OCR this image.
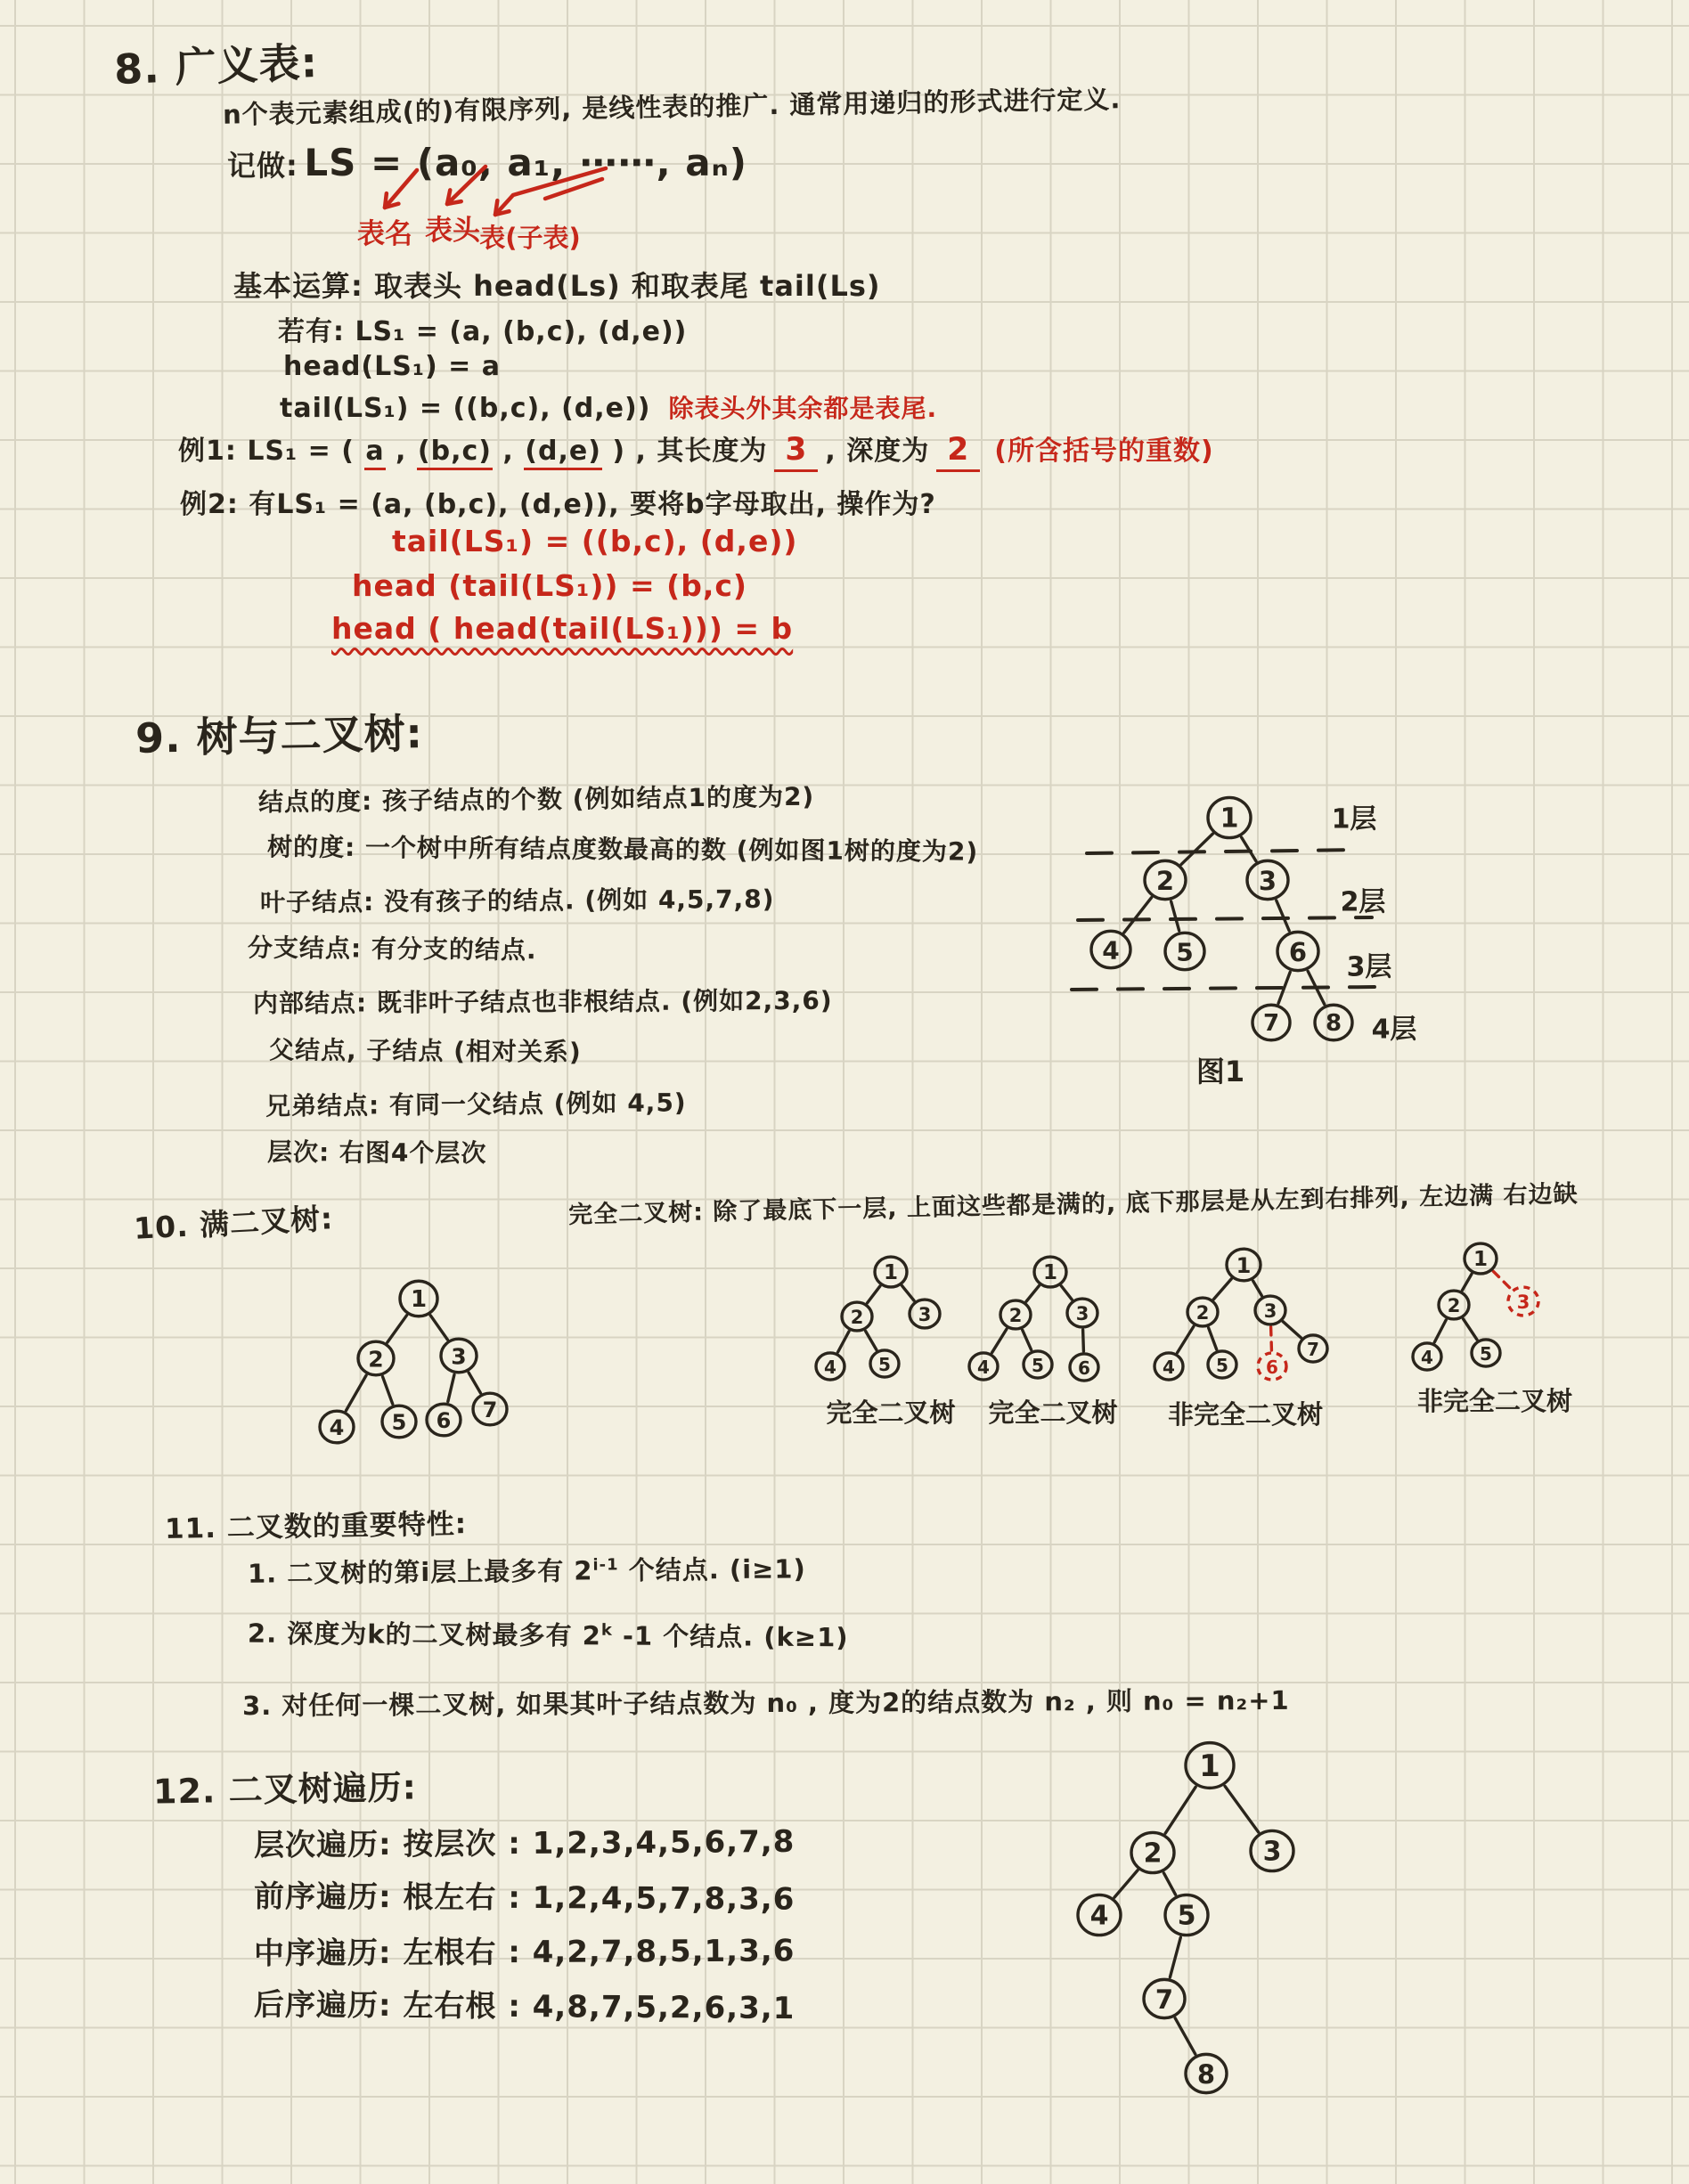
8. 广义表:
n个表元素组成(的)有限序列, 是线性表的推广. 通常用递归的形式进行定义.
记做: LS = (a₀, a₁, ⋯⋯, aₙ)
基本运算: 取表头 head(Ls) 和取表尾 tail(Ls)
若有: LS₁ = (a, (b,c), (d,e))
head(LS₁) = a
tail(LS₁) = ((b,c), (d,e)) 除表头外其余都是表尾.
例1: LS₁ = ( a , (b,c) , (d,e) ) , 其长度为 3 , 深度为 2 (所含括号的重数)
例2: 有LS₁ = (a, (b,c), (d,e)), 要将b字母取出, 操作为?
tail(LS₁) = ((b,c), (d,e))
head (tail(LS₁)) = (b,c)
head ( head(tail(LS₁))) = b
9. 树与二叉树:
结点的度: 孩子结点的个数 (例如结点1的度为2)
树的度: 一个树中所有结点度数最高的数 (例如图1树的度为2)
叶子结点: 没有孩子的结点. (例如 4,5,7,8)
分支结点: 有分支的结点.
内部结点: 既非叶子结点也非根结点. (例如2,3,6)
父结点, 子结点 (相对关系)
兄弟结点: 有同一父结点 (例如 4,5)
层次: 右图4个层次
10. 满二叉树:	完全二叉树: 除了最底下一层, 上面这些都是满的, 底下那层是从左到右排列, 左边满 右边缺
11. 二叉数的重要特性:
1. 二叉树的第i层上最多有 2$^{i-1}$ 个结点. (i≥1)
2. 深度为k的二叉树最多有 2$^k$ -1 个结点. (k≥1)
3. 对任何一棵二叉树, 如果其叶子结点数为 n₀ , 度为2的结点数为 n₂ , 则 n₀ = n₂+1
12. 二叉树遍历:
层次遍历: 按层次 : 1,2,3,4,5,6,7,8
前序遍历: 根左右 : 1,2,4,5,7,8,3,6
中序遍历: 左根右 : 4,2,7,8,5,1,3,6
后序遍历: 左右根 : 4,8,7,5,2,6,3,1
表名 表头 表(子表)
1
2	3
4 5	6
7 8
1层
2层
3层
4层
图1
1
2	3
4 5 6 7
1
2	3
4 5
完全二叉树
1
2	3
4 5 6
完全二叉树
1
2	3
4 5 6
7
非完全二叉树
1
2	3
4	5
非完全二叉树
1
2	3
4	5
7
8
